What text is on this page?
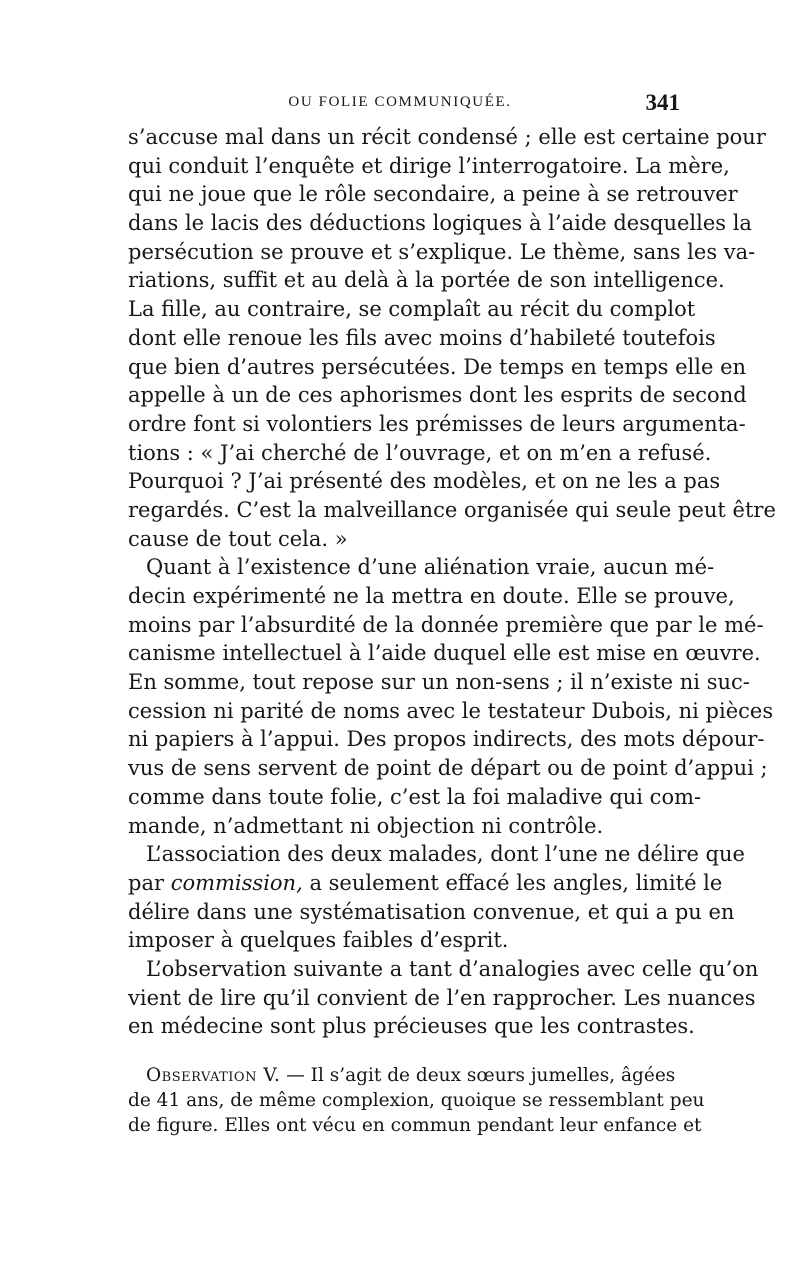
OU FOLIE COMMUNIQUÉE.	341
s’accuse mal dans un récit condensé ; elle est certaine pour
qui conduit l’enquête et dirige l’interrogatoire. La mère,
qui ne joue que le rôle secondaire, a peine à se retrouver
dans le lacis des déductions logiques à l’aide desquelles la
persécution se prouve et s’explique. Le thème, sans les va-
riations, suffit et au delà à la portée de son intelligence.
La fille, au contraire, se complaît au récit du complot
dont elle renoue les fils avec moins d’habileté toutefois
que bien d’autres persécutées. De temps en temps elle en
appelle à un de ces aphorismes dont les esprits de second
ordre font si volontiers les prémisses de leurs argumenta-
tions : « J’ai cherché de l’ouvrage, et on m’en a refusé.
Pourquoi ? J’ai présenté des modèles, et on ne les a pas
regardés. C’est la malveillance organisée qui seule peut être
cause de tout cela. »
Quant à l’existence d’une aliénation vraie, aucun mé-
decin expérimenté ne la mettra en doute. Elle se prouve,
moins par l’absurdité de la donnée première que par le mé-
canisme intellectuel à l’aide duquel elle est mise en œuvre.
En somme, tout repose sur un non-sens ; il n’existe ni suc-
cession ni parité de noms avec le testateur Dubois, ni pièces
ni papiers à l’appui. Des propos indirects, des mots dépour-
vus de sens servent de point de départ ou de point d’appui ;
comme dans toute folie, c’est la foi maladive qui com-
mande, n’admettant ni objection ni contrôle.
L’association des deux malades, dont l’une ne délire que
par commission, a seulement effacé les angles, limité le
délire dans une systématisation convenue, et qui a pu en
imposer à quelques faibles d’esprit.
L’observation suivante a tant d’analogies avec celle qu’on
vient de lire qu’il convient de l’en rapprocher. Les nuances
en médecine sont plus précieuses que les contrastes.
Observation V. — Il s’agit de deux sœurs jumelles, âgées
de 41 ans, de même complexion, quoique se ressemblant peu
de figure. Elles ont vécu en commun pendant leur enfance et
